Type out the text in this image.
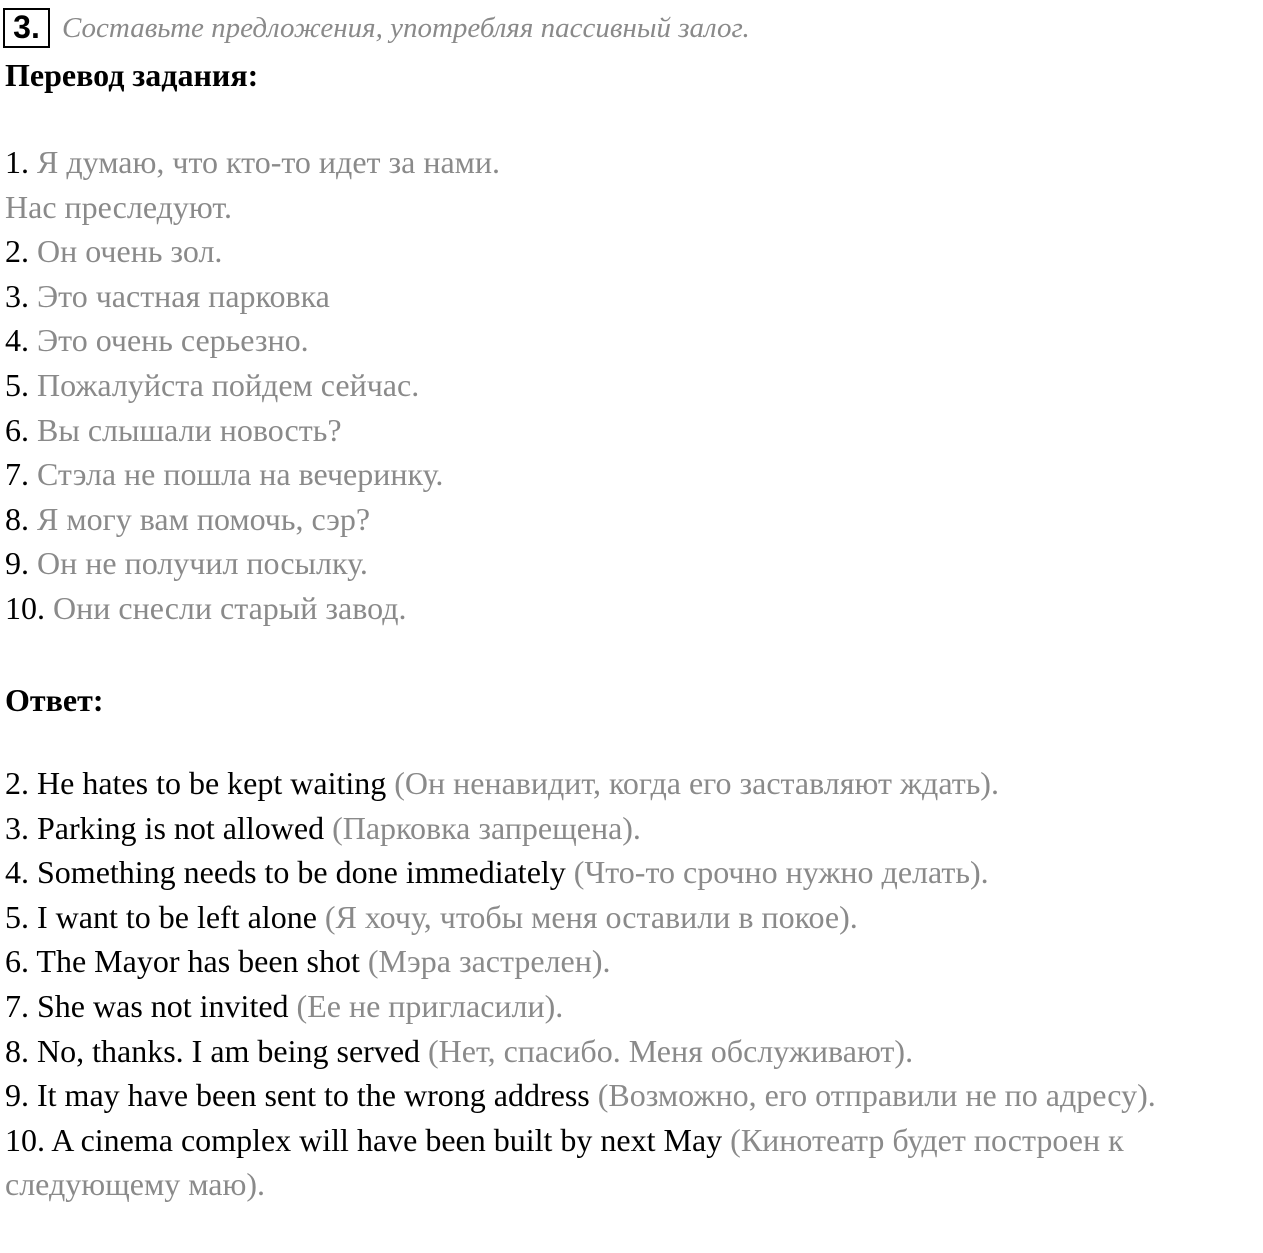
3. Составьте предложения, употребляя пассивный залог.
Перевод задания:
1. Я думаю, что кто-то идет за нами.
Нас преследуют.
2. Он очень зол.
3. Это частная парковка
4. Это очень серьезно.
5. Пожалуйста пойдем сейчас.
6. Вы слышали новость?
7. Стэла не пошла на вечеринку.
8. Я могу вам помочь, сэр?
9. Он не получил посылку.
10. Они снесли старый завод.
Ответ:
2. He hates to be kept waiting (Он ненавидит, когда его заставляют ждать).
3. Parking is not allowed (Парковка запрещена).
4. Something needs to be done immediately (Что-то срочно нужно делать).
5. I want to be left alone (Я хочу, чтобы меня оставили в покое).
6. The Mayor has been shot (Мэра застрелен).
7. She was not invited (Ее не пригласили).
8. No, thanks. I am being served (Нет, спасибо. Меня обслуживают).
9. It may have been sent to the wrong address (Возможно, его отправили не по адресу).
10. A cinema complex will have been built by next May (Кинотеатр будет построен к следующему маю).
